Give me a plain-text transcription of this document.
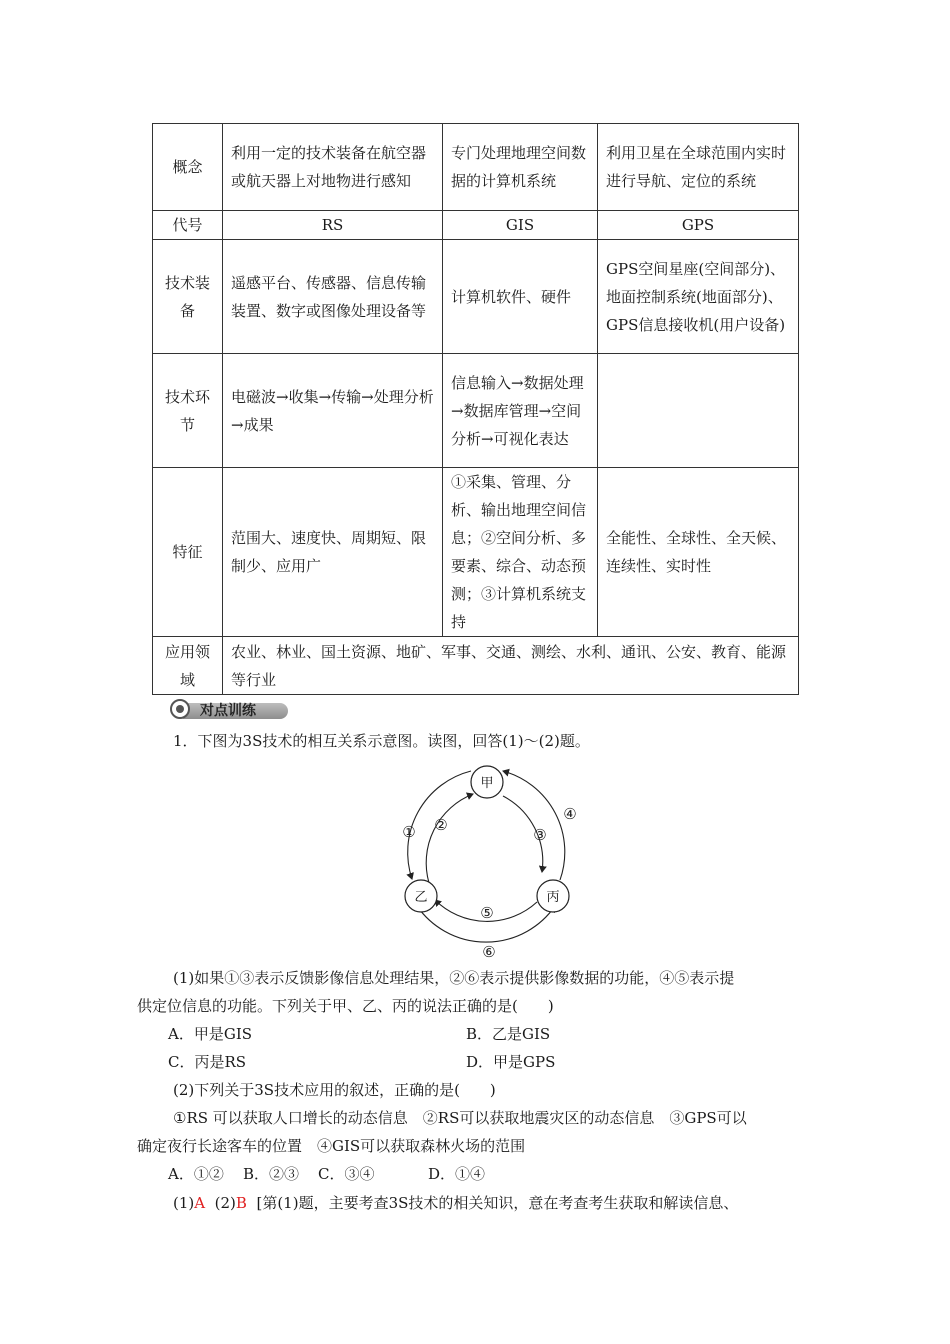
概念	利用一定的技术装备在航空器或航天器上对地物进行感知	专门处理地理空间数据的计算机系统	利用卫星在全球范围内实时进行导航、定位的系统
代号	RS	GIS	GPS
技术装备	遥感平台、传感器、信息传输装置、数字或图像处理设备等	计算机软件、硬件	GPS空间星座(空间部分)、地面控制系统(地面部分)、GPS信息接收机(用户设备)
技术环节	电磁波→收集→传输→处理分析→成果	信息输入→数据处理→数据库管理→空间分析→可视化表达	
特征	范围大、速度快、周期短、限制少、应用广	①采集、管理、分析、输出地理空间信息；②空间分析、多要素、综合、动态预测；③计算机系统支持	全能性、全球性、全天候、连续性、实时性
应用领域	农业、林业、国土资源、地矿、军事、交通、测绘、水利、通讯、公安、教育、能源等行业		
对点训练
1．下图为3S技术的相互关系示意图。读图，回答(1)～(2)题。
① ②
③
④
⑤
⑥
甲
乙	丙
(1)如果①③表示反馈影像信息处理结果，②⑥表示提供影像数据的功能，④⑤表示提
供定位信息的功能。下列关于甲、乙、丙的说法正确的是(　　)
A．甲是GIS	B．乙是GIS
C．丙是RS	D．甲是GPS
(2)下列关于3S技术应用的叙述，正确的是(　　)
①RS 可以获取人口增长的动态信息　②RS可以获取地震灾区的动态信息　③GPS可以
确定夜行长途客车的位置　④GIS可以获取森林火场的范围
A．①② B．②③ C．③④	D．①④
(1)A (2)B [第(1)题，主要考查3S技术的相关知识，意在考查考生获取和解读信息、
